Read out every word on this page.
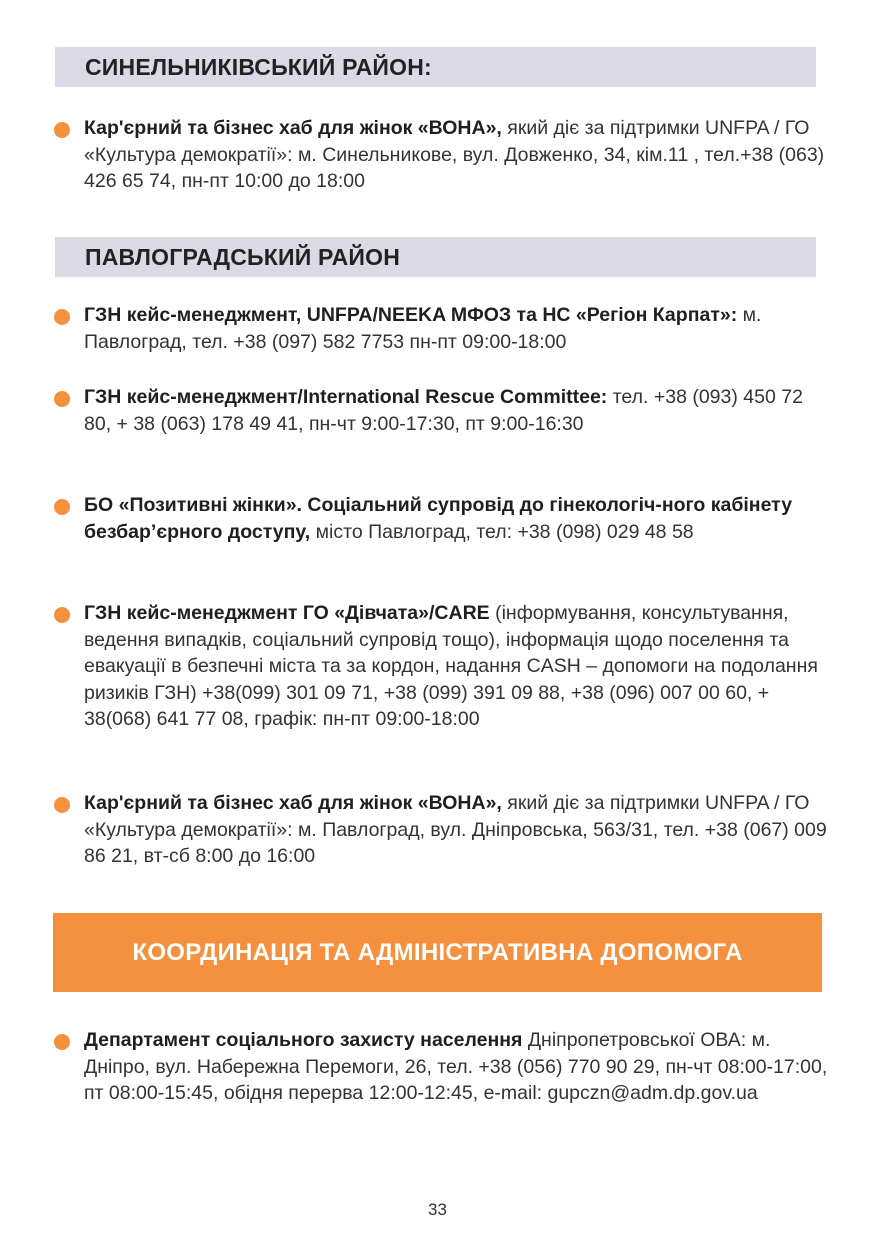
СИНЕЛЬНИКІВСЬКИЙ РАЙОН:
Кар'єрний та бізнес хаб для жінок «ВОНА», який діє за підтримки UNFPA / ГО «Культура демократії»: м. Синельникове, вул. Довженко, 34, кім.11 , тел.+38 (063) 426 65 74, пн-пт 10:00 до 18:00
ПАВЛОГРАДСЬКИЙ РАЙОН
ГЗН кейс-менеджмент, UNFPA/NEEKA МФОЗ та НС «Регіон Карпат»: м. Павлоград, тел. +38 (097) 582 7753 пн-пт 09:00-18:00
ГЗН кейс-менеджмент/International Rescue Committee: тел. +38 (093) 450 72 80, + 38 (063) 178 49 41, пн-чт 9:00-17:30, пт 9:00-16:30
БО «Позитивні жінки». Соціальний супровід до гінекологіч-ного кабінету безбар’єрного доступу, місто Павлоград, тел: +38 (098) 029 48 58
ГЗН кейс-менеджмент ГО «Дівчата»/CARE (інформування, консультування, ведення випадків, соціальний супровід тощо), інформація щодо поселення та евакуації в безпечні міста та за кордон, надання CASH – допомоги на подолання ризиків ГЗН) +38(099) 301 09 71, +38 (099) 391 09 88, +38 (096) 007 00 60, + 38(068) 641 77 08, графік: пн-пт 09:00-18:00
Кар'єрний та бізнес хаб для жінок «ВОНА», який діє за підтримки UNFPA / ГО «Культура демократії»: м. Павлоград, вул. Дніпровська, 563/31, тел. +38 (067) 009 86 21, вт-сб 8:00 до 16:00
КООРДИНАЦІЯ ТА АДМІНІСТРАТИВНА ДОПОМОГА
Департамент соціального захисту населення Дніпропетровської ОВА: м. Дніпро, вул. Набережна Перемоги, 26, тел. +38 (056) 770 90 29, пн-чт 08:00-17:00, пт 08:00-15:45, обідня перерва 12:00-12:45, e-mail: gupczn@adm.dp.gov.ua
33
